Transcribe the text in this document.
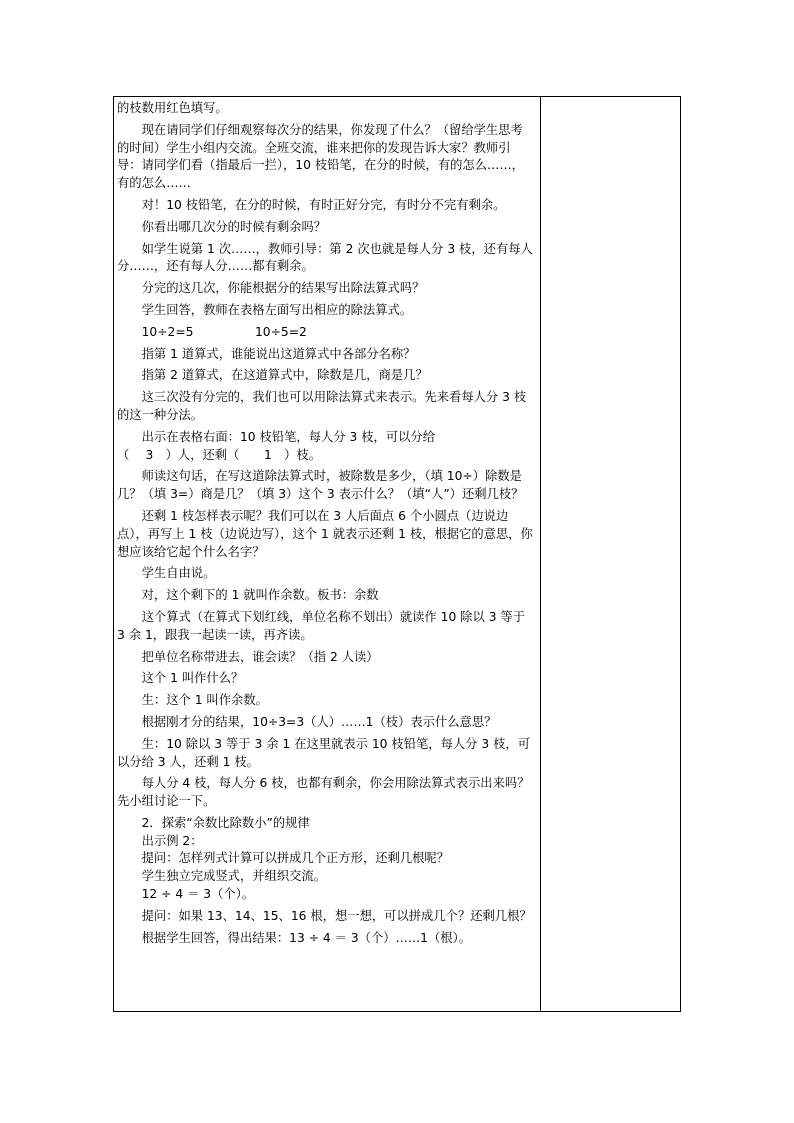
的枝数用红色填写。

现在请同学们仔细观察每次分的结果，你发现了什么？（留给学生思考的时间）学生小组内交流。全班交流，谁来把你的发现告诉大家？教师引导：请同学们看（指最后一拦），10 枝铅笔，在分的时候，有的怎么……，有的怎么……

对！10 枝铅笔，在分的时候，有时正好分完，有时分不完有剩余。

你看出哪几次分的时候有剩余吗？

如学生说第 1 次……，教师引导：第 2 次也就是每人分 3 枝，还有每人分……，还有每人分……都有剩余。

分完的这几次，你能根据分的结果写出除法算式吗？

学生回答，教师在表格左面写出相应的除法算式。

10÷2=5　　　　　10÷5=2

指第 1 道算式，谁能说出这道算式中各部分名称？

指第 2 道算式，在这道算式中，除数是几，商是几？

这三次没有分完的，我们也可以用除法算式来表示。先来看每人分 3 枝的这一种分法。

出示在表格右面：10 枝铅笔，每人分 3 枝，可以分给

（　 3　）人，还剩（　　1　）枝。

师读这句话，在写这道除法算式时，被除数是多少，（填 10÷）除数是几？（填 3=）商是几？（填 3）这个 3 表示什么？（填“人”）还剩几枝？

还剩 1 枝怎样表示呢？我们可以在 3 人后面点 6 个小圆点（边说边点），再写上 1 枝（边说边写），这个 1 就表示还剩 1 枝，根据它的意思，你想应该给它起个什么名字？

学生自由说。

对，这个剩下的 1 就叫作余数。板书：余数

这个算式（在算式下划红线，单位名称不划出）就读作 10 除以 3 等于 3 余 1，跟我一起读一读，再齐读。

把单位名称带进去，谁会读？（指 2 人读）

这个 1 叫作什么？

生：这个 1 叫作余数。

根据刚才分的结果，10÷3=3（人）……1（枝）表示什么意思？

生：10 除以 3 等于 3 余 1 在这里就表示 10 枝铅笔，每人分 3 枝，可以分给 3 人，还剩 1 枝。

每人分 4 枝，每人分 6 枝，也都有剩余，你会用除法算式表示出来吗？先小组讨论一下。

2．探索“余数比除数小”的规律

出示例 2：

提问：怎样列式计算可以拼成几个正方形，还剩几根呢？

学生独立完成竖式，并组织交流。

12 ÷ 4 ＝ 3（个）。

提问：如果 13、14、15、16 根，想一想，可以拼成几个？还剩几根？

根据学生回答，得出结果：13 ÷ 4 ＝ 3（个）……1（根）。
